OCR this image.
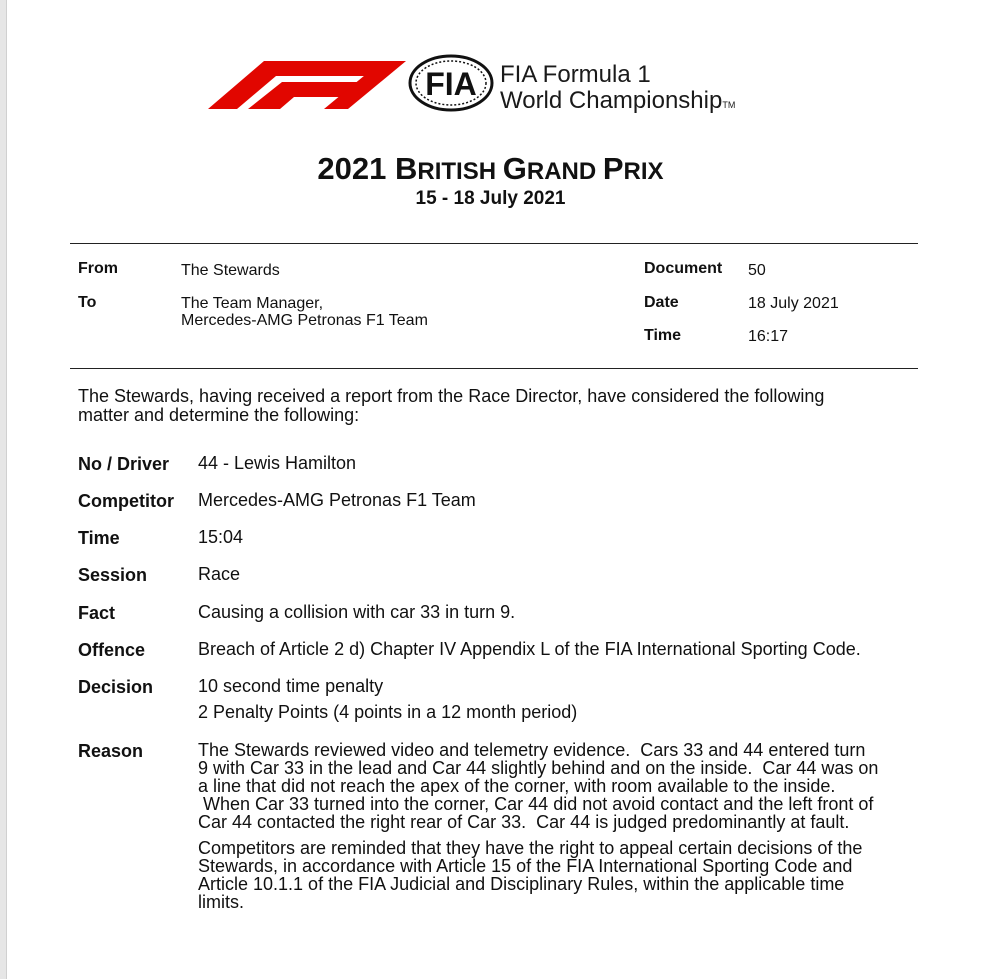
FIA FIA Formula 1
World ChampionshipTM
2021 BRITISH GRAND PRIX
15 - 18 July 2021
From	The Stewards
To	The Team Manager,
Mercedes-AMG Petronas F1 Team
Document 50
Date	18 July 2021
Time	16:17
The Stewards, having received a report from the Race Director, have considered the following
matter and determine the following:
No / Driver 44 - Lewis Hamilton
Competitor Mercedes-AMG Petronas F1 Team
Time	15:04
Session	Race
Fact	Causing a collision with car 33 in turn 9.
Offence	Breach of Article 2 d) Chapter IV Appendix L of the FIA International Sporting Code.
Decision 10 second time penalty
2 Penalty Points (4 points in a 12 month period)
Reason	The Stewards reviewed video and telemetry evidence.  Cars 33 and 44 entered turn
9 with Car 33 in the lead and Car 44 slightly behind and on the inside.  Car 44 was on
a line that did not reach the apex of the corner, with room available to the inside.
When Car 33 turned into the corner, Car 44 did not avoid contact and the left front of
Car 44 contacted the right rear of Car 33.  Car 44 is judged predominantly at fault.
Competitors are reminded that they have the right to appeal certain decisions of the
Stewards, in accordance with Article 15 of the FIA International Sporting Code and
Article 10.1.1 of the FIA Judicial and Disciplinary Rules, within the applicable time
limits.
